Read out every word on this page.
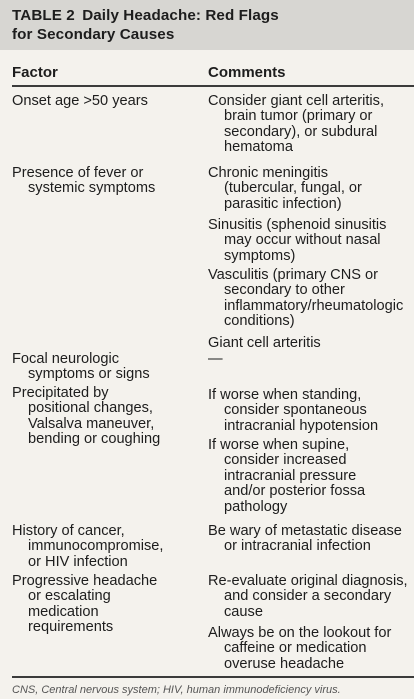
TABLE 2 Daily Headache: Red Flags
for Secondary Causes
Factor	Comments
Onset age >50 years	Consider giant cell arteritis,
brain tumor (primary or
secondary), or subdural
hematoma
Presence of fever or
systemic symptoms
Chronic meningitis
(tubercular, fungal, or
parasitic infection)
Sinusitis (sphenoid sinusitis
may occur without nasal
symptoms)
Vasculitis (primary CNS or
secondary to other
inflammatory/rheumatologic
conditions)
Giant cell arteritis
Focal neurologic
symptoms or signs
—
Precipitated by
positional changes,
Valsalva maneuver,
bending or coughing
If worse when standing,
consider spontaneous
intracranial hypotension
If worse when supine,
consider increased
intracranial pressure
and/or posterior fossa
pathology
History of cancer,
immunocompromise,
or HIV infection
Be wary of metastatic disease
or intracranial infection
Progressive headache
or escalating
medication
requirements
Re-evaluate original diagnosis,
and consider a secondary
cause
Always be on the lookout for
caffeine or medication
overuse headache
CNS, Central nervous system; HIV, human immunodeficiency virus.
